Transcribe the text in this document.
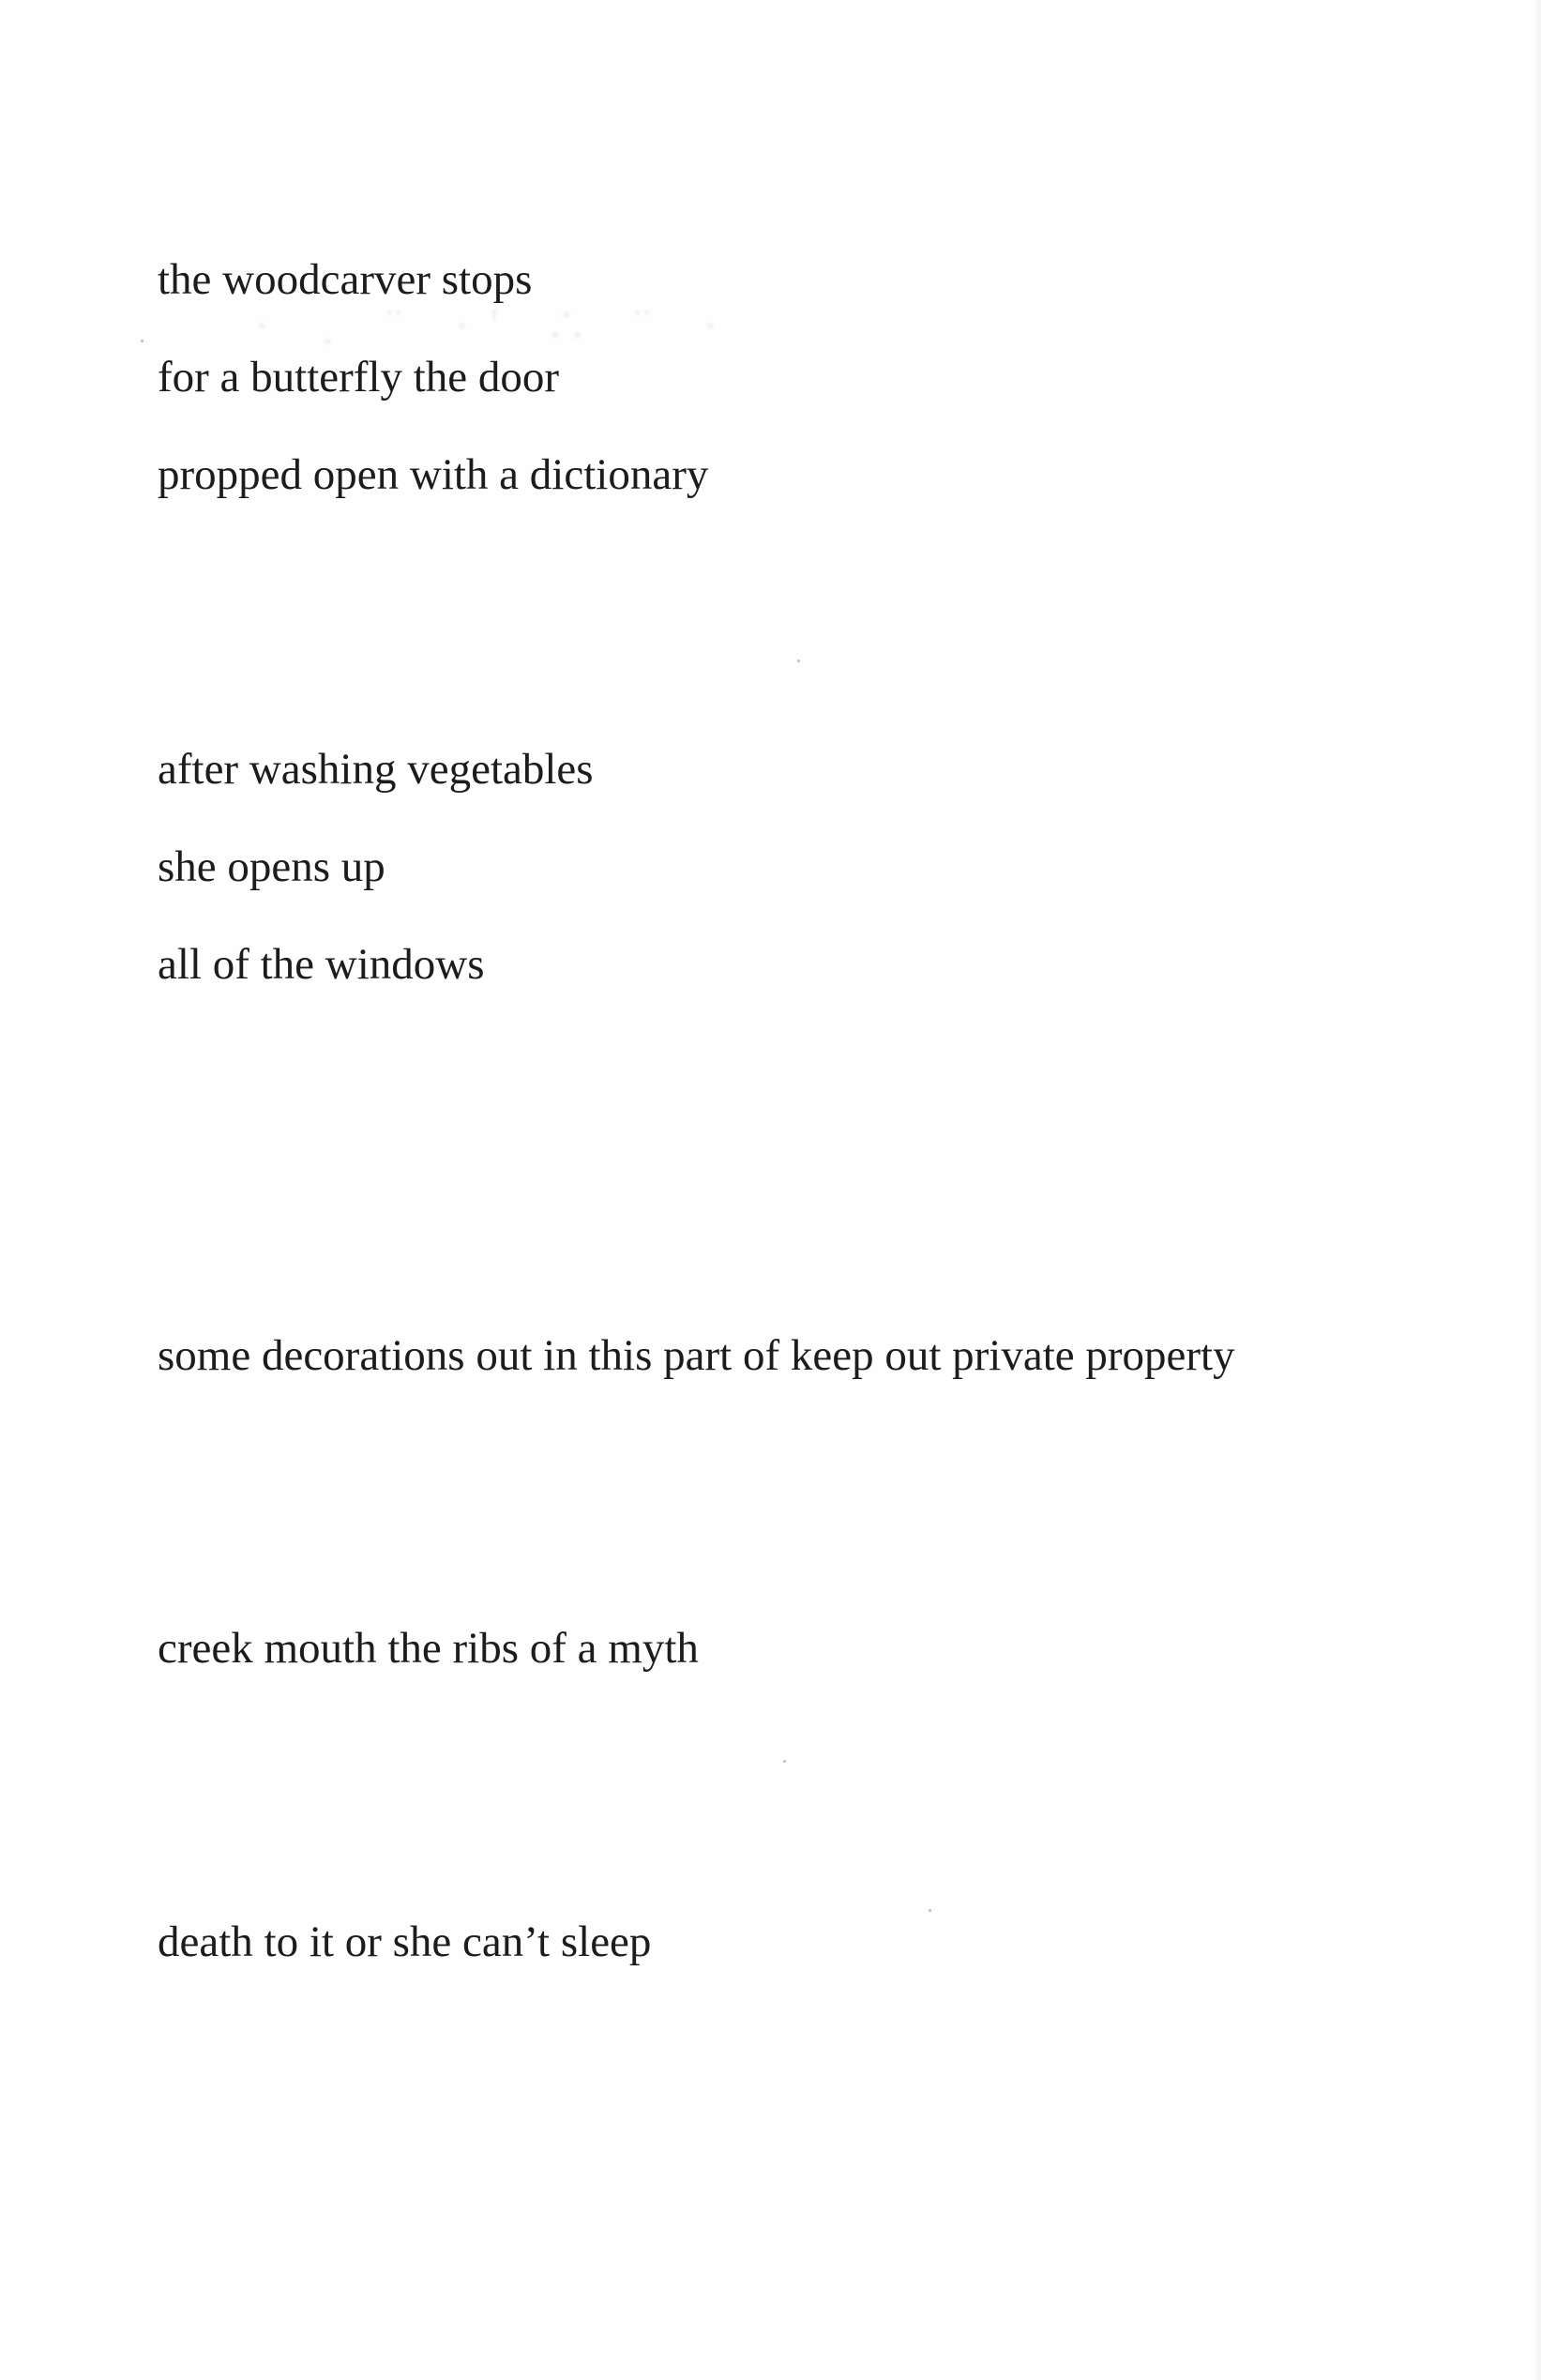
· . ¨ ·' ∴ ¨ ·
the woodcarver stops
for a butterfly the door
propped open with a dictionary
after washing vegetables
she opens up
all of the windows
some decorations out in this part of keep out private property
creek mouth the ribs of a myth
death to it or she can’t sleep
